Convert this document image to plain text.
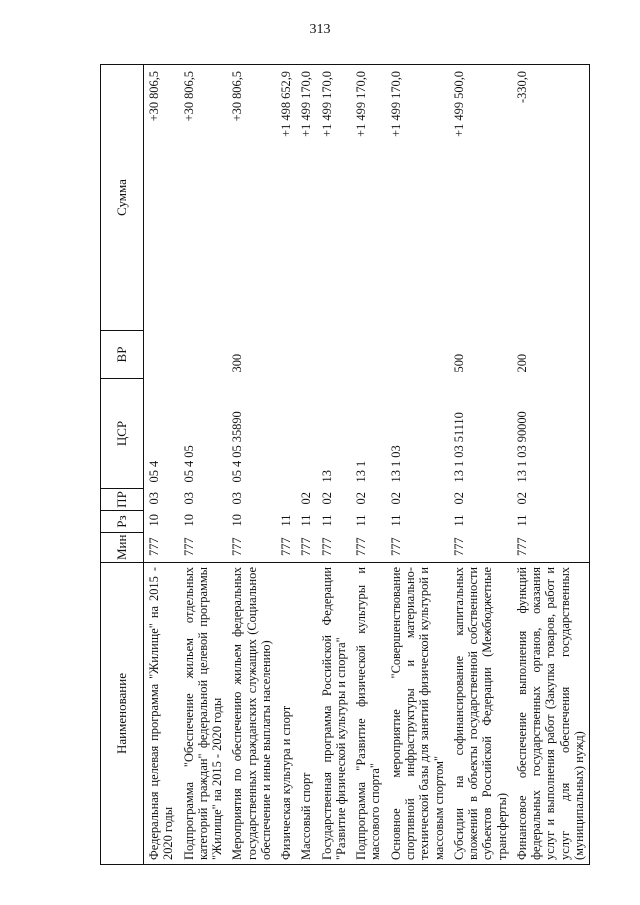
313
Наименование	Мин	Рз	ПР	ЦСР	ВР	Сумма
Федеральная целевая программа "Жилище" на 2015 - 2020 годы	777	10	03	05 4		+30 806,5
Подпрограмма "Обеспечение жильем отдельных категорий граждан" федеральной целевой программы "Жилище" на 2015 - 2020 годы	777	10	03	05 4 05		+30 806,5
Мероприятия по обеспечению жильем федеральных государственных гражданских служащих (Социальное обеспечение и иные выплаты населению)	777	10	03	05 4 05 35890	300	+30 806,5
Физическая культура и спорт	777	11				+1 498 652,9
Массовый спорт	777	11	02			+1 499 170,0
Государственная программа Российской Федерации "Развитие физической культуры и спорта"	777	11	02	13		+1 499 170,0
Подпрограмма "Развитие физической культуры и массового спорта"	777	11	02	13 1		+1 499 170,0
Основное мероприятие "Совершенствование спортивной инфраструктуры и материально-технической базы для занятий физической культурой и массовым спортом"	777	11	02	13 1 03		+1 499 170,0
Субсидии на софинансирование капитальных вложений в объекты государственной собственности субъектов Российской Федерации (Межбюджетные трансферты)	777	11	02	13 1 03 51110	500	+1 499 500,0
Финансовое обеспечение выполнения функций федеральных государственных органов, оказания услуг и выполнения работ (Закупка товаров, работ и услуг для обеспечения государственных (муниципальных) нужд)	777	11	02	13 1 03 90000	200	-330,0
